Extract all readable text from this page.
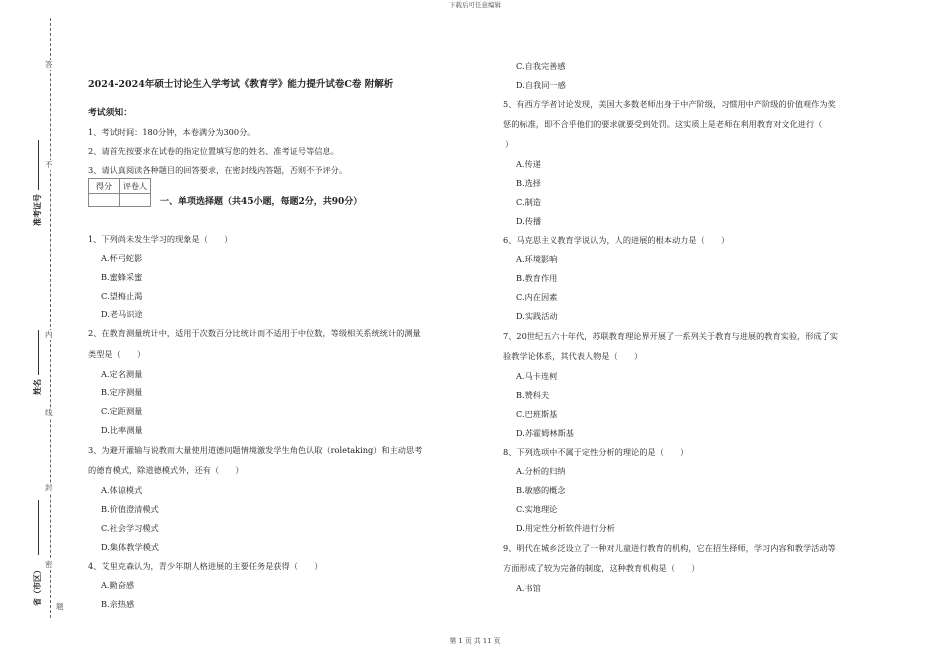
下载后可任意编辑
答
不
内
线
封
密
准考证号
姓名
省（市区）
题
2024-2024年硕士讨论生入学考试《教育学》能力提升试卷C卷 附解析
考试须知：
1、考试时间：180分钟，本卷满分为300分。
2、请首先按要求在试卷的指定位置填写您的姓名、准考证号等信息。
3、请认真阅读各种题目的回答要求，在密封线内答题，否则不予评分。
一、单项选择题（共45小题，每题2分，共90分）
1、下列尚未发生学习的现象是（　　）
A.杯弓蛇影
B.蜜蜂采蜜
C.望梅止渴
D.老马识途
2、在教育测量统计中，适用于次数百分比统计而不适用于中位数，等级相关系统统计的测量
类型是（　　）
A.定名测量
B.定序测量
C.定距测量
D.比率测量
3、为避开灌输与说教而大量使用道德问题情境激发学生角色认取（roletaking）和主动思考
的德育模式，除道德模式外，还有（　　）
A.体谅模式
B.价值澄清模式
C.社会学习模式
D.集体教学模式
4、艾里克森认为，青少年期人格进展的主要任务是获得（　　）
A.勤奋感
B.亲热感
得分	评卷人

C.自我完善感
D.自我同一感
5、有西方学者讨论发现，美国大多数老师出身于中产阶级，习惯用中产阶级的价值观作为奖
惩的标准，即不合乎他们的要求就要受到处罚。这实质上是老师在利用教育对文化进行（
）
A.传递
B.选择
C.制造
D.传播
6、马克思主义教育学说认为，人的进展的根本动力是（　　）
A.环境影响
B.教育作用
C.内在因素
D.实践活动
7、20世纪五六十年代，苏联教育理论界开展了一系列关于教育与进展的教育实验，形成了实
验教学论体系，其代表人物是（　　）
A.马卡连柯
B.赞科夫
C.巴班斯基
D.苏霍姆林斯基
8、下列选项中不属于定性分析的理论的是（　　）
A.分析的归纳
B.敏感的概念
C.实地理论
D.用定性分析软件进行分析
9、明代在城乡泛设立了一种对儿童进行教育的机构，它在招生择师，学习内容和教学活动等
方面形成了较为完备的制度，这种教育机构是（　　）
A.书馆
第 1 页 共 11 页
